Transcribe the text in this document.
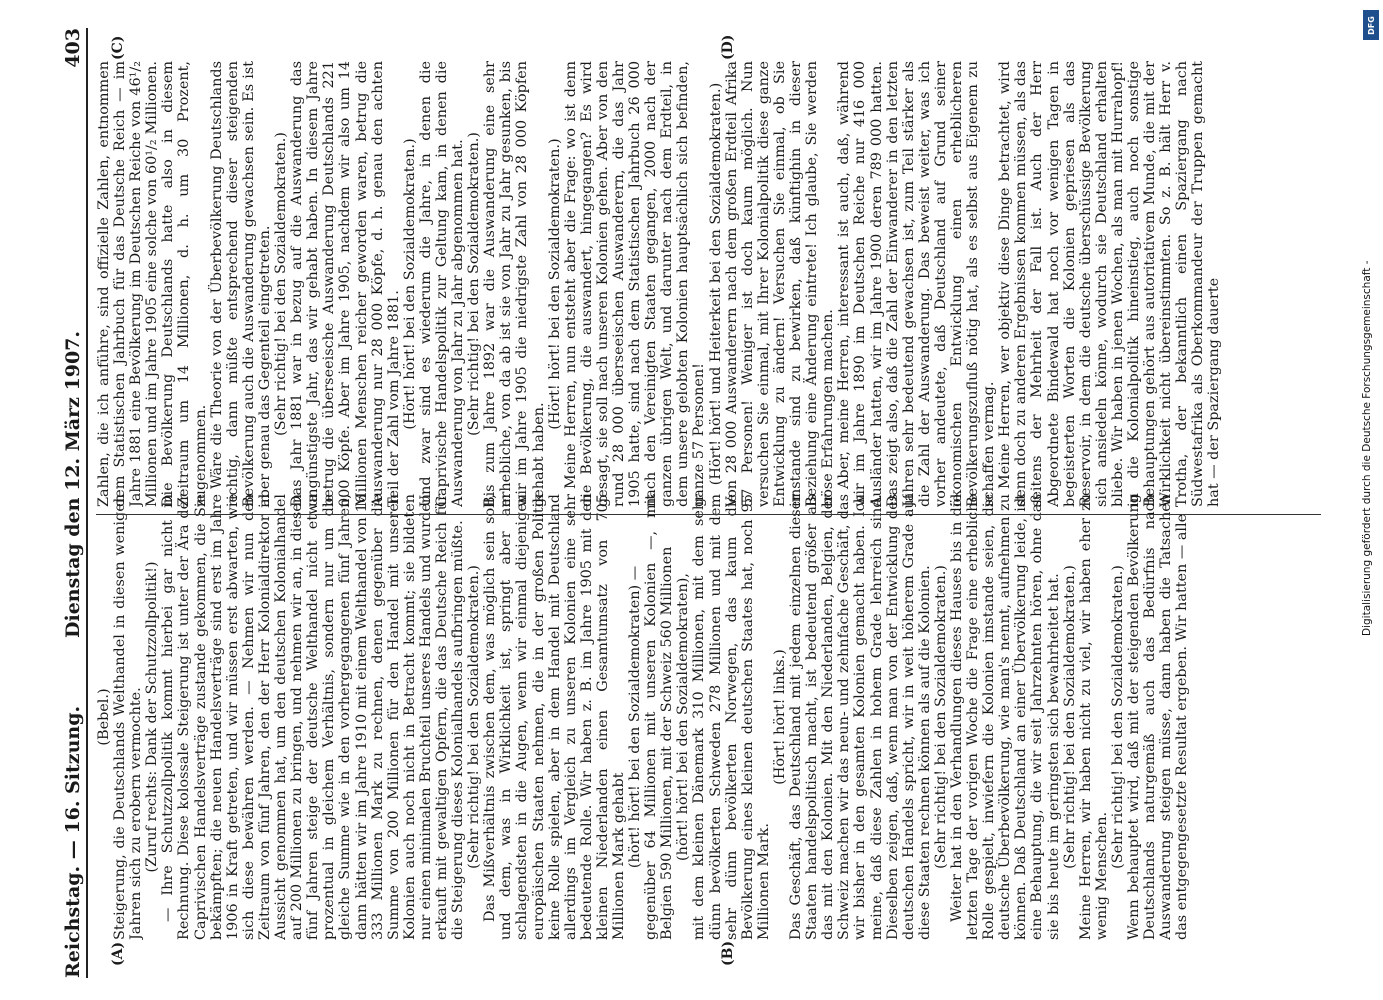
Reichstag. — 16. Sitzung.
Dienstag den 12. März 1907.
403
(A)	(B)
(C)	(D)

(Bebel.) Steigerung, die Deutschlands Welthandel in diesen wenigen Jahren sich zu erobern vermochte. (Zuruf rechts: Dank der Schutzzollpolitik!) — Ihre Schutzzollpolitik kommt hierbei gar nicht in Rechnung. Diese kolossale Steigerung ist unter der Ära der Caprivischen Handelsverträge zustande gekommen, die Sie bekämpften; die neuen Handelsverträge sind erst im Jahre 1906 in Kraft getreten, und wir müssen erst abwarten, wie sich diese bewähren werden. — Nehmen wir nun den Zeitraum von fünf Jahren, den der Herr Kolonialdirektor in Aussicht genommen hat, um den deutschen Kolonialhandel auf 200 Millionen zu bringen, und nehmen wir an, in diesen fünf Jahren steige der deutsche Welthandel nicht etwa prozentual in gleichem Verhältnis, sondern nur um die gleiche Summe wie in den vorhergegangenen fünf Jahren, dann hätten wir im Jahre 1910 mit einem Welthandel von 16 333 Millionen Mark zu rechnen, denen gegenüber die Summe von 200 Millionen für den Handel mit unseren Kolonien auch noch nicht in Betracht kommt; sie bildeten nur einen minimalen Bruchteil unseres Handels und wurden erkauft mit gewaltigen Opfern, die das Deutsche Reich für die Steigerung dieses Kolonialhandels aufbringen müßte. (Sehr richtig! bei den Sozialdemokraten.) Das Mißverhältnis zwischen dem, was möglich sein soll, und dem, was in Wirklichkeit ist, springt aber am schlagendsten in die Augen, wenn wir einmal diejenigen europäischen Staaten nehmen, die in der großen Politik keine Rolle spielen, aber in dem Handel mit Deutschland allerdings im Vergleich zu unseren Kolonien eine sehr bedeutende Rolle. Wir haben z. B. im Jahre 1905 mit den kleinen Niederlanden einen Gesamtumsatz von 705 Millionen Mark gehabt (hört! hört! bei den Sozialdemokraten) — gegenüber 64 Millionen mit unseren Kolonien —, mit Belgien 590 Millionen, mit der Schweiz 560 Millionen (hört! hört! bei den Sozialdemokraten), mit dem kleinen Dänemark 310 Millionen, mit dem sehr dünn bevölkerten Schweden 278 Millionen und mit dem sehr dünn bevölkerten Norwegen, das kaum die Bevölkerung eines kleinen deutschen Staates hat, noch 95 Millionen Mark.

(Hört! hört! links.) Das Geschäft, das Deutschland mit jedem einzelnen dieser Staaten handelspolitisch macht, ist bedeutend größer als das mit den Kolonien. Mit den Niederlanden, Belgien, der Schweiz machen wir das neun- und zehnfache Geschäft, das wir bisher in den gesamten Kolonien gemacht haben. Ich meine, daß diese Zahlen in hohem Grade lehrreich sind. Dieselben zeigen, daß, wenn man von der Entwicklung des deutschen Handels spricht, wir in weit höherem Grade auf diese Staaten rechnen können als auf die Kolonien. (Sehr richtig! bei den Sozialdemokraten.) Weiter hat in den Verhandlungen dieses Hauses bis in die letzten Tage der vorigen Woche die Frage eine erhebliche Rolle gespielt, inwiefern die Kolonien imstande seien, die deutsche Überbevölkerung, wie man's nennt, aufnehmen zu können. Daß Deutschland an einer Übervölkerung leide, ist eine Behauptung, die wir seit Jahrzehnten hören, ohne daß sie bis heute im geringsten sich bewahrheitet hat. (Sehr richtig! bei den Sozialdemokraten.) Meine Herren, wir haben nicht zu viel, wir haben eher zu wenig Menschen.

(Sehr richtig! bei den Sozialdemokraten.) Wenn behauptet wird, daß mit der steigenden Bevölkerung Deutschlands naturgemäß auch das Bedürfnis nach Auswanderung steigen müsse, dann haben die Tatsachen das entgegengesetzte Resultat ergeben. Wir hatten — alle

Zahlen, die ich anführe, sind offizielle Zahlen, entnommen dem Statistischen Jahrbuch für das Deutsche Reich — im Jahre 1881 eine Bevölkerung im Deutschen Reiche von 46¹/₂ Millionen und im Jahre 1905 eine solche von 60¹/₂ Millionen. Die Bevölkerung Deutschlands hatte also in diesem Zeitraum um 14 Millionen, d. h. um 30 Prozent, zugenommen. Wäre die Theorie von der Überbevölkerung Deutschlands richtig, dann müßte entsprechend dieser steigenden Bevölkerung auch die Auswanderung gewachsen sein. Es ist aber genau das Gegenteil eingetreten. (Sehr richtig! bei den Sozialdemokraten.) Das Jahr 1881 war in bezug auf die Auswanderung das ungünstigste Jahr, das wir gehabt haben. In diesem Jahre betrug die überseeische Auswanderung Deutschlands 221 000 Köpfe. Aber im Jahre 1905, nachdem wir also um 14 Millionen Menschen reicher geworden waren, betrug die Auswanderung nur 28 000 Köpfe, d. h. genau den achten Teil der Zahl vom Jahre 1881. (Hört! hört! bei den Sozialdemokraten.) Und zwar sind es wiederum die Jahre, in denen die Caprivische Handelspolitik zur Geltung kam, in denen die Auswanderung von Jahr zu Jahr abgenommen hat. (Sehr richtig! bei den Sozialdemokraten.) Bis zum Jahre 1892 war die Auswanderung eine sehr erhebliche, von da ab ist sie von Jahr zu Jahr gesunken, bis wir im Jahre 1905 die niedrigste Zahl von 28 000 Köpfen gehabt haben.

(Hört! hört! bei den Sozialdemokraten.) Meine Herren, nun entsteht aber die Frage: wo ist denn die Bevölkerung, die auswandert, hingegangen? Es wird gesagt, sie soll nach unseren Kolonien gehen. Aber von den rund 28 000 überseeischen Auswanderern, die das Jahr 1905 hatte, sind nach dem Statistischen Jahrbuch 26 000 nach den Vereinigten Staaten gegangen, 2000 nach der ganzen übrigen Welt, und darunter nach dem Erdteil, in dem unsere gelobten Kolonien hauptsächlich sich befinden, ganze 57 Personen! (Hört! hört! und Heiterkeit bei den Sozialdemokraten.) Von 28 000 Auswanderern nach dem großen Erdteil Afrika 57 Personen! Weniger ist doch kaum möglich. Nun versuchen Sie einmal, mit Ihrer Kolonialpolitik diese ganze Entwicklung zu ändern! Versuchen Sie einmal, ob Sie imstande sind zu bewirken, daß künftighin in dieser Beziehung eine Änderung eintrete! Ich glaube, Sie werden böse Erfahrungen machen. Aber, meine Herren, interessant ist auch, daß, während wir im Jahre 1890 im Deutschen Reiche nur 416 000 Ausländer hatten, wir im Jahre 1900 deren 789 000 hatten. Das zeigt also, daß die Zahl der Einwanderer in den letzten Jahren sehr bedeutend gewachsen ist, zum Teil stärker als die Zahl der Auswanderung. Das beweist weiter, was ich vorher andeutete, daß Deutschland auf Grund seiner ökonomischen Entwicklung einen erheblicheren Bevölkerungszufluß nötig hat, als es selbst aus Eigenem zu schaffen vermag. Meine Herren, wer objektiv diese Dinge betrachtet, wird denn doch zu anderen Ergebnissen kommen müssen, als das seitens der Mehrheit der Fall ist. Auch der Herr Abgeordnete Bindewald hat noch vor wenigen Tagen in begeisterten Worten die Kolonien gepriesen als das Reservoir, in dem die deutsche überschüssige Bevölkerung sich ansiedeln könne, wodurch sie Deutschland erhalten bliebe. Wir haben in jenen Wochen, als man mit Hurrahopf! in die Kolonialpolitik hineinstieg, auch noch sonstige Behauptungen gehört aus autoritativem Munde, die mit der Wirklichkeit nicht übereinstimmten. So z. B. hält Herr v. Trotha, der bekanntlich einen Spaziergang nach Südwestafrika als Oberkommandeur der Truppen gemacht hat — der Spaziergang dauerte	Digitalisierung gefördert durch die Deutsche Forschungsgemeinschaft -
DFG
